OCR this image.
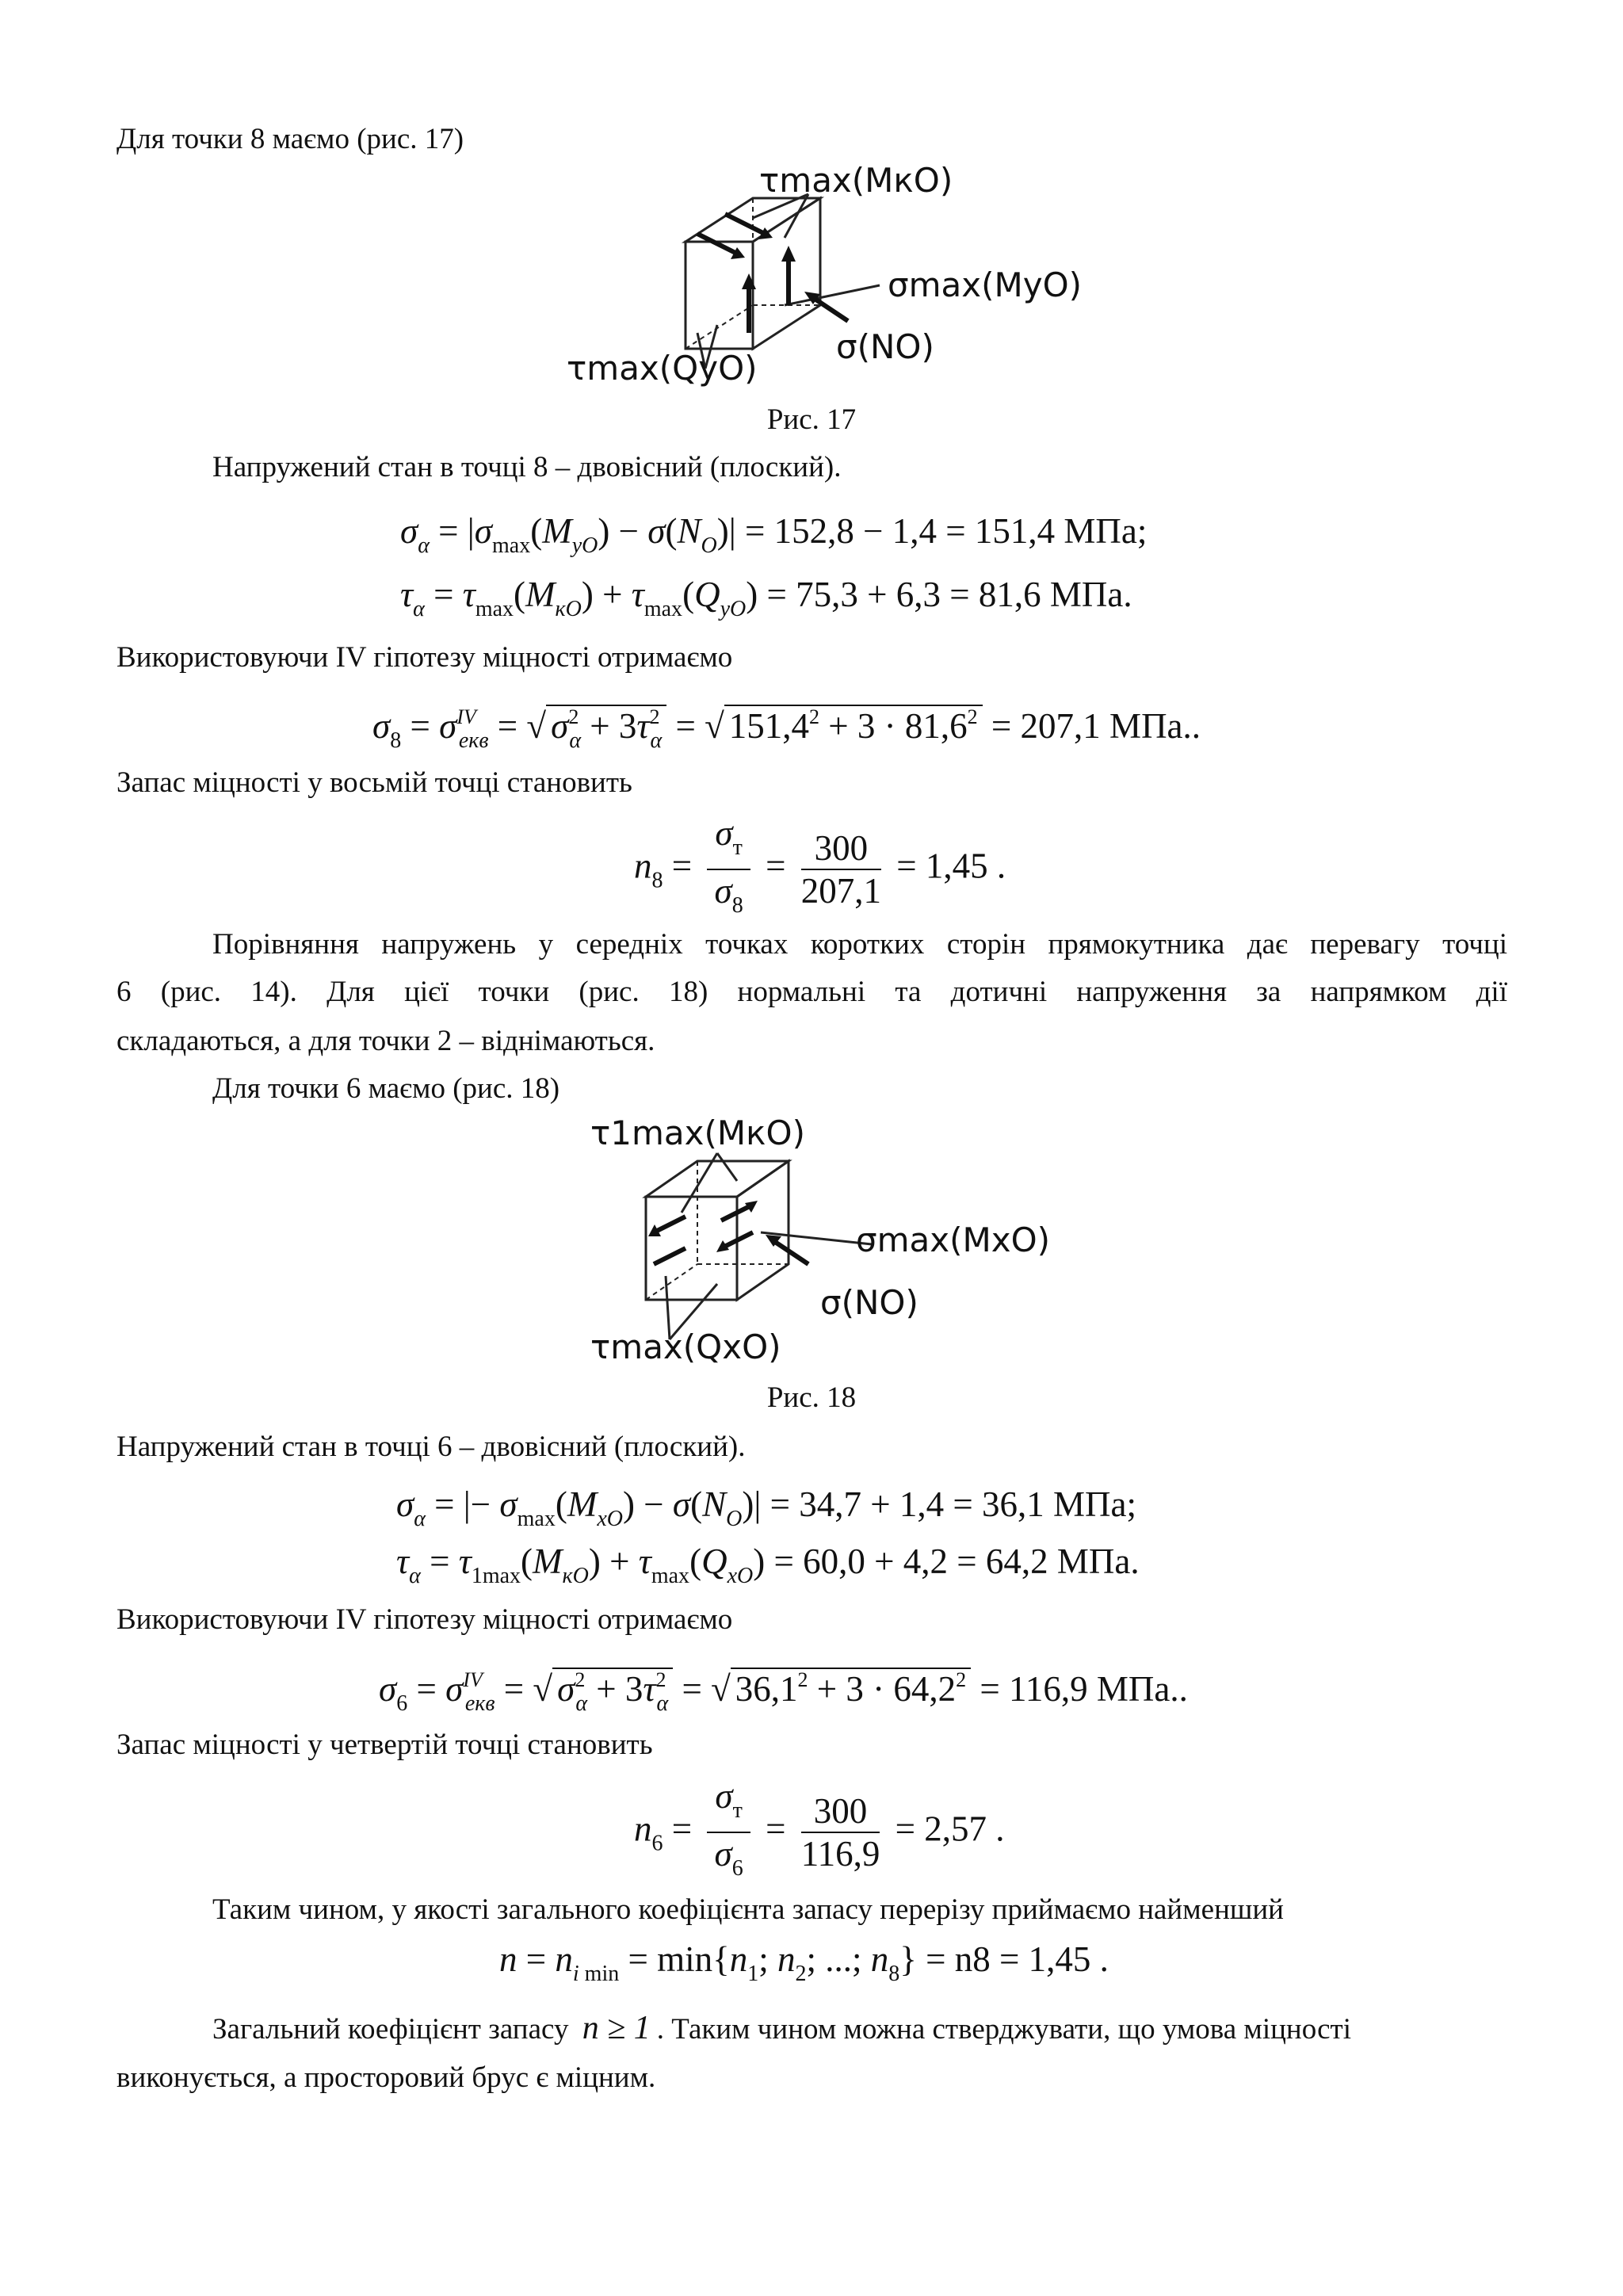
Для точки 8 маємо (рис. 17)
τmax(MкO)
σmax(MyO)
σ(NO)
τmax(QyO)
Рис. 17
Напружений стан в точці 8 – двовісний (плоский).
$\sigma_\alpha = |\sigma_{max}(M_{yO}) - \sigma(N_O)| = 152,8 - 1,4 = 151,4$ МПа;
$\tau_\alpha = \tau_{max}(M_{кO}) + \tau_{max}(Q_{yO}) = 75,3 + 6,3 = 81,6$ МПа.
Використовуючи IV гіпотезу міцності отримаємо
$\sigma_8 = \sigma^{IV}_{екв}$ = √ $\sigma^2_\alpha + 3\tau^2_\alpha$ = √ $151,4^2 + 3 \cdot 81,6^2 = 207,1$ МПа..
Запас міцності у восьмій точці становить
$n_8 = \frac{\sigma_т}{\sigma_8} = \frac{300}{207,1} = 1,45$ .
Порівняння напружень у середніх точках коротких сторін прямокутника дає перевагу точці
6 (рис. 14). Для цієї точки (рис. 18) нормальні та дотичні напруження за напрямком дії
складаються, а для точки 2 – віднімаються.
Для точки 6 маємо (рис. 18)
τ1max(MкO)
σmax(MxO)
σ(NO)
τmax(QxO)
Рис. 18
Напружений стан в точці 6 – двовісний (плоский).
$\sigma_\alpha$ = |− $\sigma_{max}(M_{xO}) - \sigma(N_O)| = 34,7 + 1,4 = 36,1$ МПа;
$\tau_\alpha = \tau_{1max}(M_{кO}) + \tau_{max}(Q_{xO}) = 60,0 + 4,2 = 64,2$ МПа.
Використовуючи IV гіпотезу міцності отримаємо
$\sigma_6 = \sigma^{IV}_{екв}$ = √ $\sigma^2_\alpha + 3\tau^2_\alpha$ = √ $36,1^2 + 3 \cdot 64,2^2 = 116,9$ МПа..
Запас міцності у четвертій точці становить
$n_6 = \frac{\sigma_т}{\sigma_6} = \frac{300}{116,9} = 2,57$ .
Таким чином, у якості загального коефіцієнта запасу перерізу приймаємо найменший
$n = n_{i min} = \min\{n_1$; $n_2$; ...; $n_8\} = n8 = 1,45$ .
Загальний коефіцієнт запасу n ≥ 1 . Таким чином можна стверджувати, що умова міцності
виконується, а просторовий брус є міцним.
